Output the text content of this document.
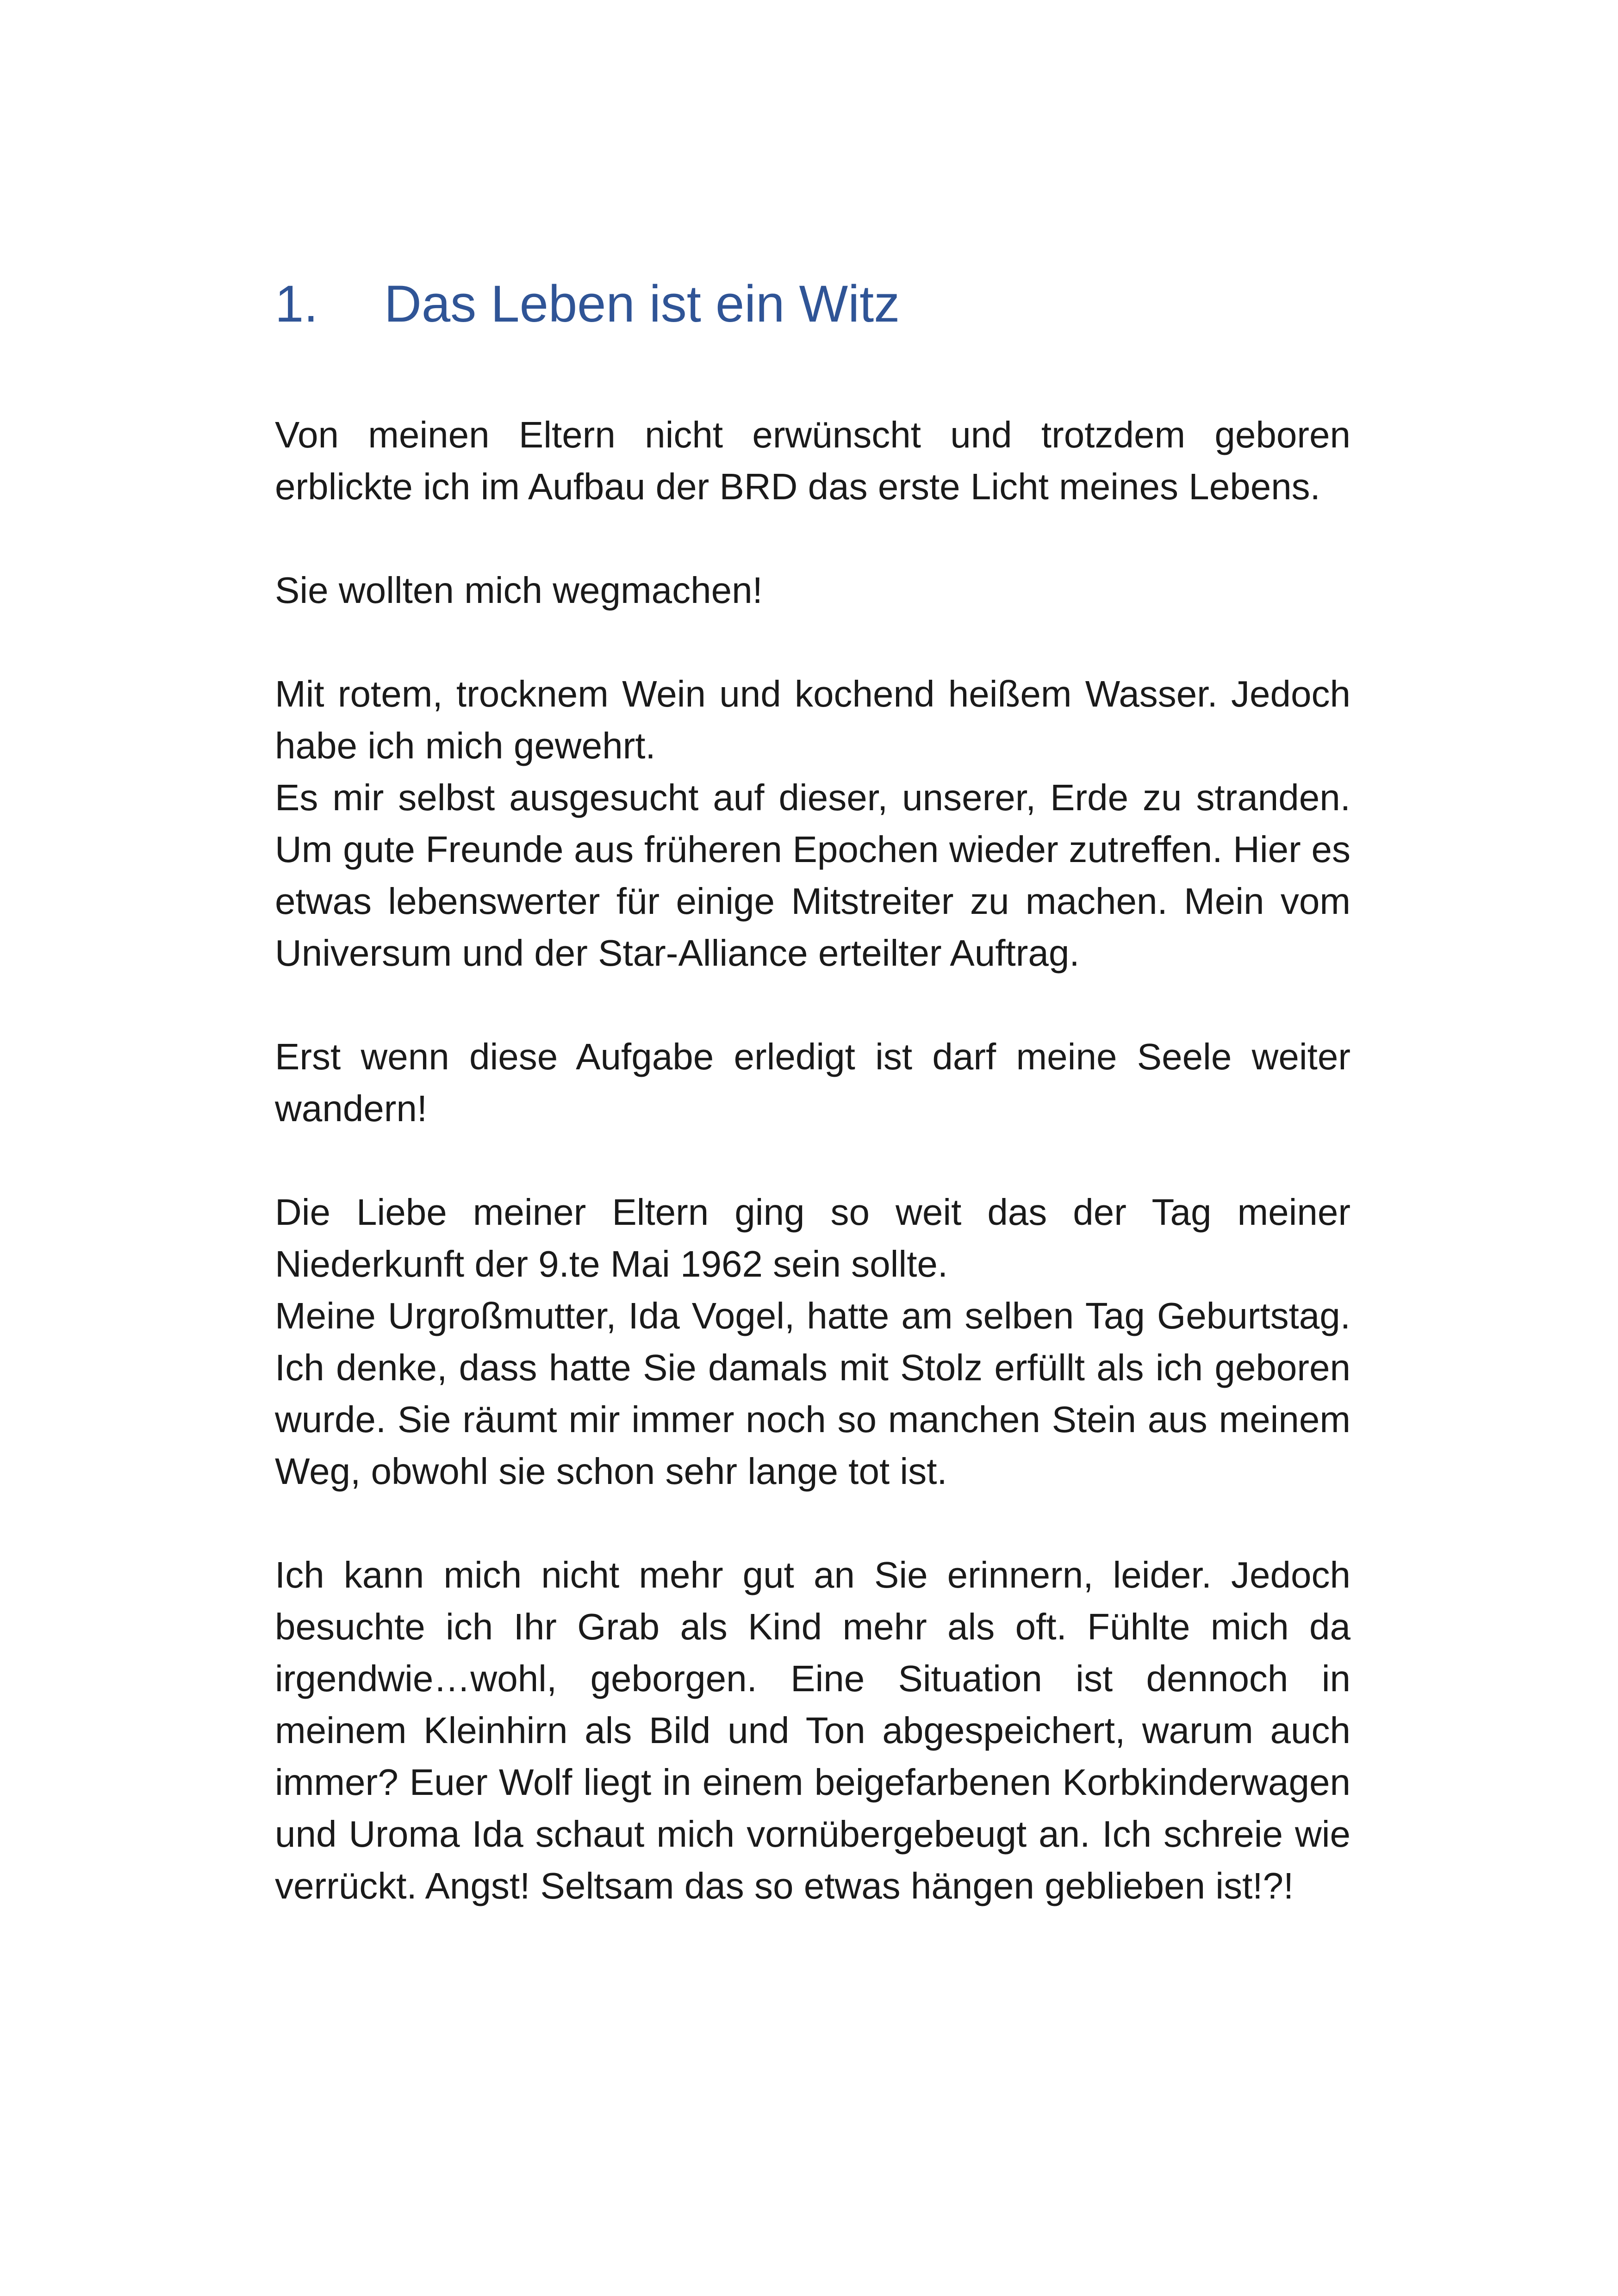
1.	Das Leben ist ein Witz

Von meinen Eltern nicht erwünscht und trotzdem geboren erblickte ich im Aufbau der BRD das erste Licht meines Lebens.

Sie wollten mich wegmachen!

Mit rotem, trocknem Wein und kochend heißem Wasser. Jedoch habe ich mich gewehrt.

Es mir selbst ausgesucht auf dieser, unserer, Erde zu stranden. Um gute Freunde aus früheren Epochen wieder zutreffen. Hier es etwas lebenswerter für einige Mitstreiter zu machen. Mein vom Universum und der Star-Alliance erteilter Auftrag.

Erst wenn diese Aufgabe erledigt ist darf meine Seele weiter wandern!

Die Liebe meiner Eltern ging so weit das der Tag meiner Niederkunft der 9.te Mai 1962 sein sollte.

Meine Urgroßmutter, Ida Vogel, hatte am selben Tag Geburtstag. Ich denke, dass hatte Sie damals mit Stolz erfüllt als ich geboren wurde. Sie räumt mir immer noch so manchen Stein aus meinem Weg, obwohl sie schon sehr lange tot ist.

Ich kann mich nicht mehr gut an Sie erinnern, leider. Jedoch besuchte ich Ihr Grab als Kind mehr als oft. Fühlte mich da irgendwie…wohl, geborgen. Eine Situation ist dennoch in meinem Kleinhirn als Bild und Ton abgespeichert, warum auch immer? Euer Wolf liegt in einem beigefarbenen Korbkinderwagen und Uroma Ida schaut mich vornübergebeugt an. Ich schreie wie verrückt. Angst! Seltsam das so etwas hängen geblieben ist!?!
